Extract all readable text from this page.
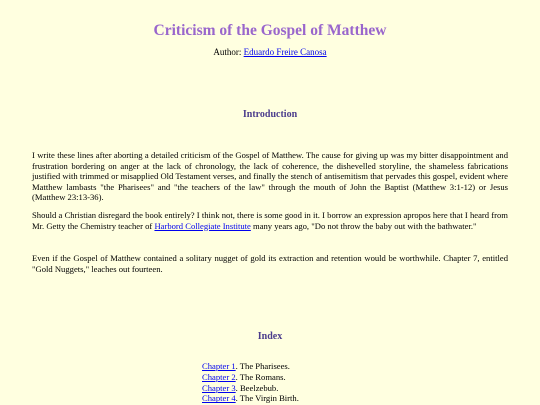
Criticism of the Gospel of Matthew
Author: Eduardo Freire Canosa
Introduction

I write these lines after aborting a detailed criticism of the Gospel of Matthew. The cause for giving up was my bitter disappointment and frustration bordering on anger at the lack of chronology, the lack of coherence, the dishevelled storyline, the shameless fabrications justified with trimmed or misapplied Old Testament verses, and finally the stench of antisemitism that pervades this gospel, evident where Matthew lambasts "the Pharisees" and "the teachers of the law" through the mouth of John the Baptist (Matthew 3:1-12) or Jesus (Matthew 23:13-36).

Should a Christian disregard the book entirely? I think not, there is some good in it. I borrow an expression apropos here that I heard from Mr. Getty the Chemistry teacher of Harbord Collegiate Institute many years ago, "Do not throw the baby out with the bathwater."

Even if the Gospel of Matthew contained a solitary nugget of gold its extraction and retention would be worthwhile. Chapter 7, entitled "Gold Nuggets," leaches out fourteen.

Index
Chapter 1. The Pharisees.
Chapter 2. The Romans.
Chapter 3. Beelzebub.
Chapter 4. The Virgin Birth.
